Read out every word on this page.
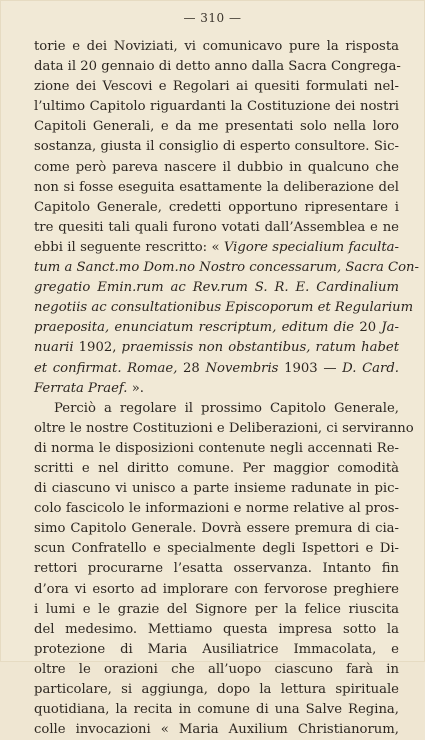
— 310 —
torie e dei Noviziati, vi comunicavo pure la risposta
data il 20 gennaio di detto anno dalla Sacra Congrega-
zione dei Vescovi e Regolari ai quesiti formulati nel-
l’ultimo Capitolo riguardanti la Costituzione dei nostri
Capitoli Generali, e da me presentati solo nella loro
sostanza, giusta il consiglio di esperto consultore. Sic-
come però pareva nascere il dubbio in qualcuno che
non si fosse eseguita esattamente la deliberazione del
Capitolo Generale, credetti opportuno ripresentare i
tre quesiti tali quali furono votati dall’Assemblea e ne
ebbi il seguente rescritto: « Vigore specialium faculta-
tum a Sanct.mo Dom.no Nostro concessarum, Sacra Con-
gregatio Emin.rum ac Rev.rum S. R. E. Cardinalium
negotiis ac consultationibus Episcoporum et Regularium
praeposita, enunciatum rescriptum, editum die 20 Ja-
nuarii 1902, praemissis non obstantibus, ratum habet
et confirmat. Romae, 28 Novembris 1903 — D. Card.
Ferrata Praef. ».
Perciò a regolare il prossimo Capitolo Generale,
oltre le nostre Costituzioni e Deliberazioni, ci serviranno
di norma le disposizioni contenute negli accennati Re-
scritti e nel diritto comune. Per maggior comodità
di ciascuno vi unisco a parte insieme radunate in pic-
colo fascicolo le informazioni e norme relative al pros-
simo Capitolo Generale. Dovrà essere premura di cia-
scun Confratello e specialmente degli Ispettori e Di-
rettori procurarne l’esatta osservanza. Intanto fin
d’ora vi esorto ad implorare con fervorose preghiere
i lumi e le grazie del Signore per la felice riuscita
del medesimo. Mettiamo questa impresa sotto la
protezione di Maria Ausiliatrice Immacolata, e
oltre le orazioni che all’uopo ciascuno farà in
particolare, si aggiunga, dopo la lettura spirituale
quotidiana, la recita in comune di una Salve Regina,
colle invocazioni « Maria Auxilium Christianorum,
